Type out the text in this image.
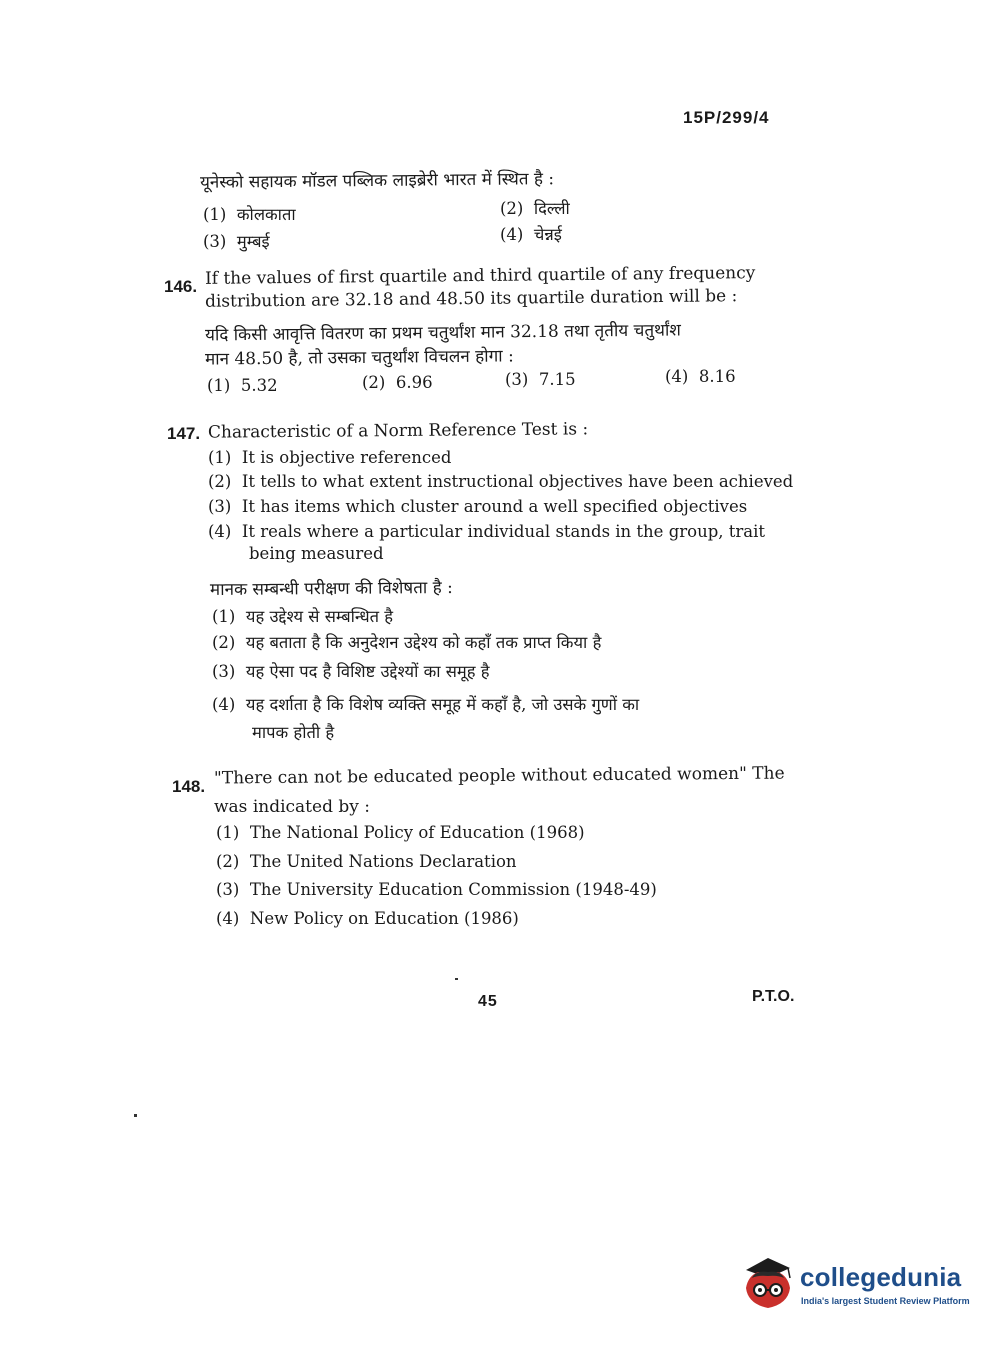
15P/299/4
यूनेस्को सहायक मॉडल पब्लिक लाइब्रेरी भारत में स्थित है :
(1) कोलकाता	(2) दिल्ली
(3) मुम्बई	(4) चेन्नई
146. If the values of first quartile and third quartile of any frequency
distribution are 32.18 and 48.50 its quartile duration will be :
यदि किसी आवृत्ति वितरण का प्रथम चतुर्थांश मान 32.18 तथा तृतीय चतुर्थांश
मान 48.50 है, तो उसका चतुर्थांश विचलन होगा :
(1) 5.32	(2) 6.96	(3) 7.15	(4) 8.16
147. Characteristic of a Norm Reference Test is :
(1) It is objective referenced
(2) It tells to what extent instructional objectives have been achieved
(3) It has items which cluster around a well specified objectives
(4) It reals where a particular individual stands in the group, trait
being measured
मानक सम्बन्धी परीक्षण की विशेषता है :
(1) यह उद्देश्य से सम्बन्धित है
(2) यह बताता है कि अनुदेशन उद्देश्य को कहाँ तक प्राप्त किया है
(3) यह ऐसा पद है विशिष्ट उद्देश्यों का समूह है
(4) यह दर्शाता है कि विशेष व्यक्ति समूह में कहाँ है, जो उसके गुणों का
मापक होती है
148. "There can not be educated people without educated women" The
was indicated by :
(1) The National Policy of Education (1968)
(2) The United Nations Declaration
(3) The University Education Commission (1948-49)
(4) New Policy on Education (1986)
45	P.T.O.
collegedunia
India's largest Student Review Platform
